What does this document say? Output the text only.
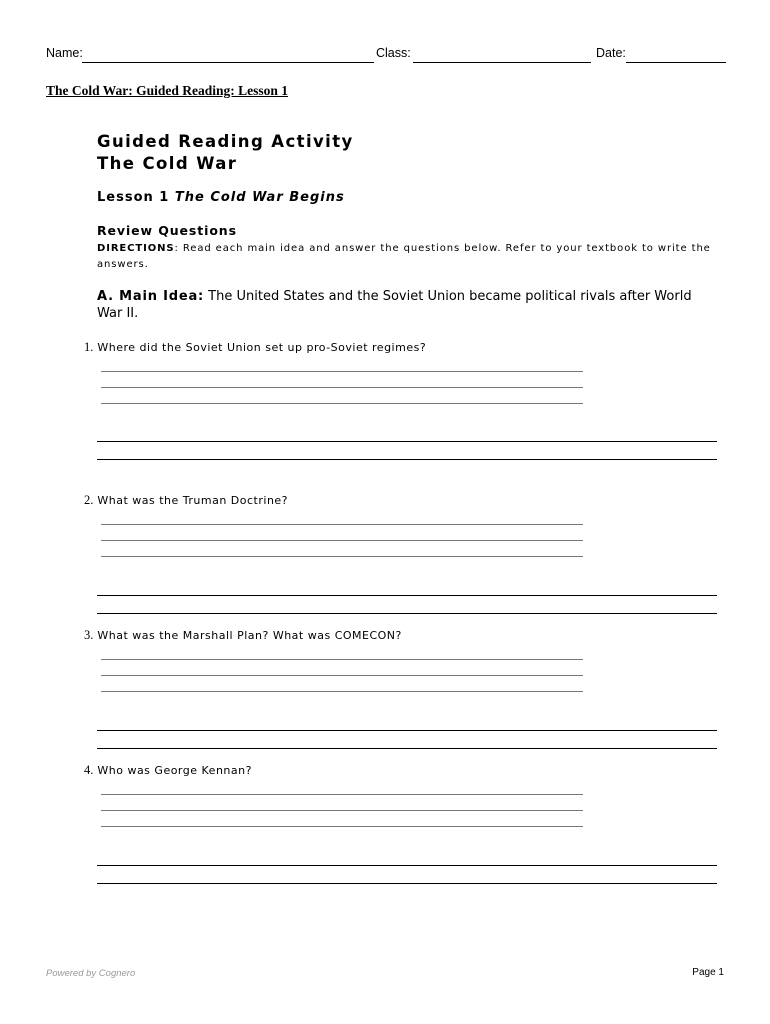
Name:	Class:	Date:
The Cold War: Guided Reading: Lesson 1
Guided Reading Activity
The Cold War
Lesson 1 The Cold War Begins
Review Questions
DIRECTIONS: Read each main idea and answer the questions below. Refer to your textbook to write the answers.
A. Main Idea: The United States and the Soviet Union became political rivals after World War II.
1. Where did the Soviet Union set up pro-Soviet regimes?
2. What was the Truman Doctrine?
3. What was the Marshall Plan? What was COMECON?
4. Who was George Kennan?
Powered by Cognero	Page 1
